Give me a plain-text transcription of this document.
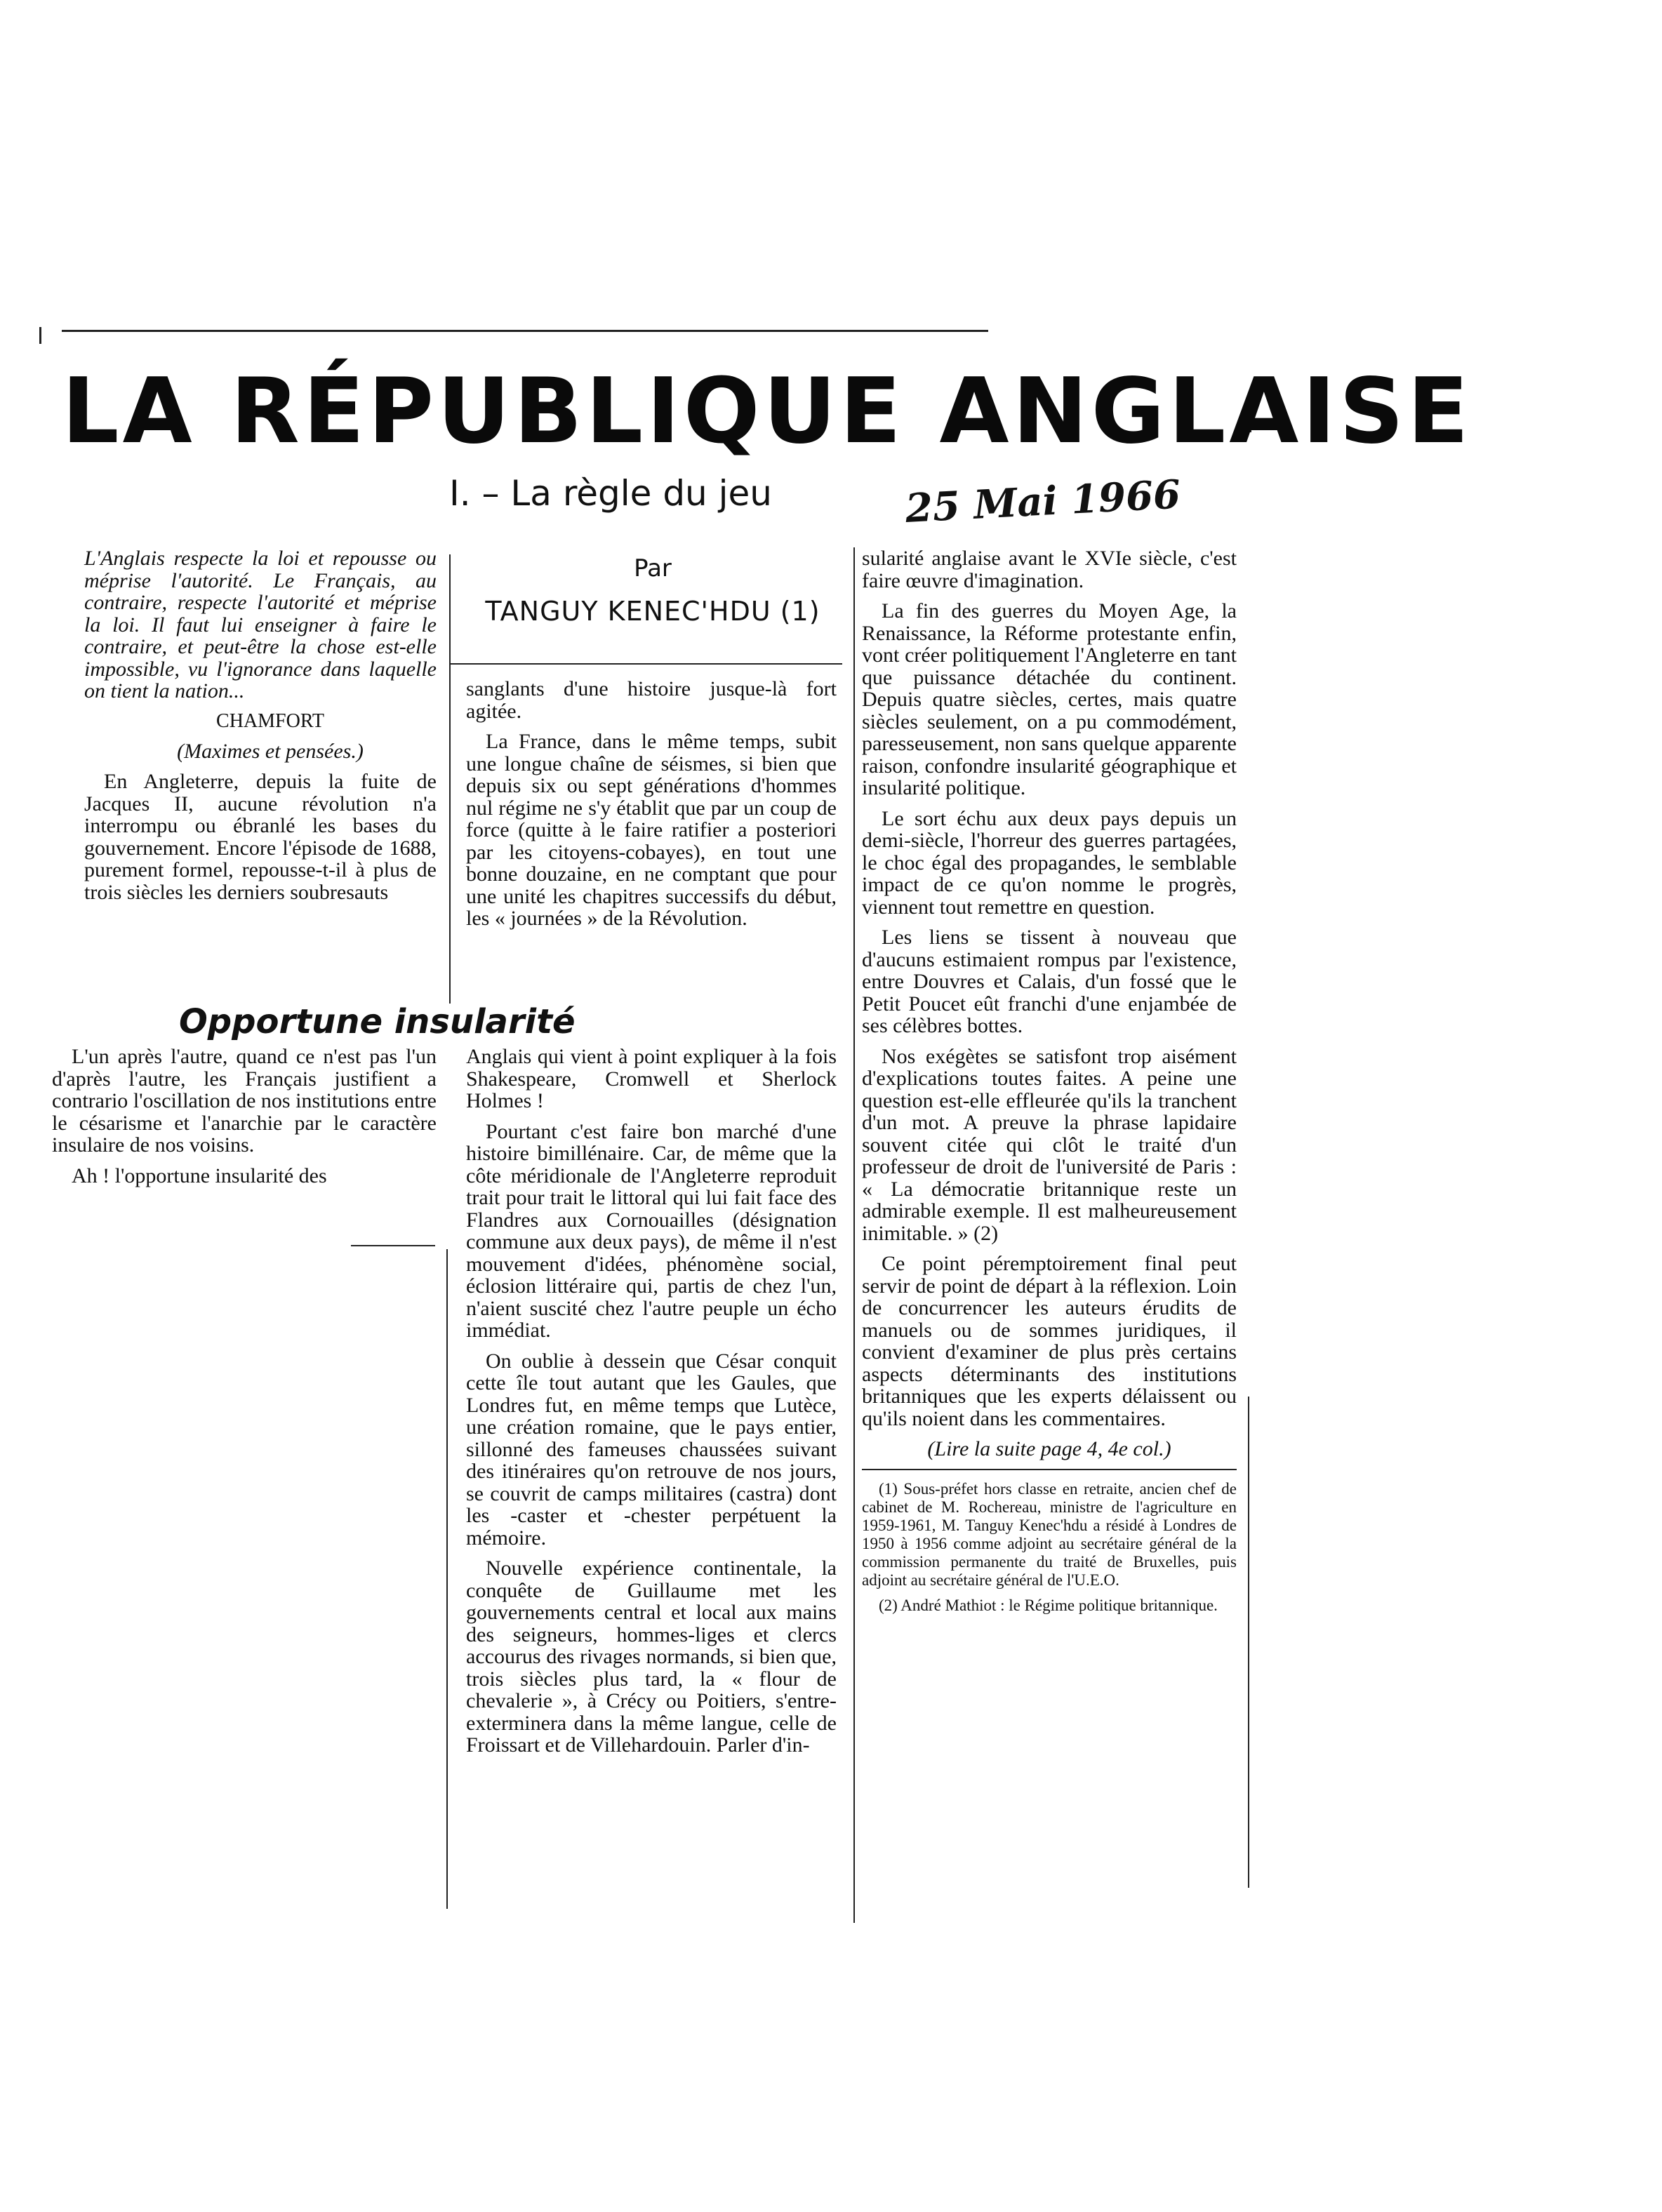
LA RÉPUBLIQUE ANGLAISE
I. – La règle du jeu	25 Mai 1966
Par
TANGUY KENEC'HDU (1)

L'Anglais respecte la loi et repousse ou méprise l'autorité. Le Français, au contraire, respecte l'autorité et méprise la loi. Il faut lui enseigner à faire le contraire, et peut-être la chose est-elle impossible, vu l'ignorance dans laquelle on tient la nation...

CHAMFORT

(Maximes et pensées.)

En Angleterre, depuis la fuite de Jacques II, aucune révolution n'a interrompu ou ébranlé les bases du gouvernement. Encore l'épisode de 1688, purement formel, repousse-t-il à plus de trois siècles les derniers soubresauts

sanglants d'une histoire jusque-là fort agitée.

La France, dans le même temps, subit une longue chaîne de séismes, si bien que depuis six ou sept générations d'hommes nul régime ne s'y établit que par un coup de force (quitte à le faire ratifier a posteriori par les citoyens-cobayes), en tout une bonne douzaine, en ne comptant que pour une unité les chapitres successifs du début, les « journées » de la Révolution.

Opportune insularité

L'un après l'autre, quand ce n'est pas l'un d'après l'autre, les Français justifient a contrario l'oscillation de nos institutions entre le césarisme et l'anarchie par le caractère insulaire de nos voisins.

Ah ! l'opportune insularité des

Anglais qui vient à point expliquer à la fois Shakespeare, Cromwell et Sherlock Holmes !

Pourtant c'est faire bon marché d'une histoire bimillénaire. Car, de même que la côte méridionale de l'Angleterre reproduit trait pour trait le littoral qui lui fait face des Flandres aux Cornouailles (désignation commune aux deux pays), de même il n'est mouvement d'idées, phénomène social, éclosion littéraire qui, partis de chez l'un, n'aient suscité chez l'autre peuple un écho immédiat.

On oublie à dessein que César conquit cette île tout autant que les Gaules, que Londres fut, en même temps que Lutèce, une création romaine, que le pays entier, sillonné des fameuses chaussées suivant des itinéraires qu'on retrouve de nos jours, se couvrit de camps militaires (castra) dont les -caster et -chester perpétuent la mémoire.

Nouvelle expérience continentale, la conquête de Guillaume met les gouvernements central et local aux mains des seigneurs, hommes-liges et clercs accourus des rivages normands, si bien que, trois siècles plus tard, la « flour de chevalerie », à Crécy ou Poitiers, s'entre-exterminera dans la même langue, celle de Froissart et de Villehardouin. Parler d'in-

sularité anglaise avant le XVIe siècle, c'est faire œuvre d'imagination.

La fin des guerres du Moyen Age, la Renaissance, la Réforme protestante enfin, vont créer politiquement l'Angleterre en tant que puissance détachée du continent. Depuis quatre siècles, certes, mais quatre siècles seulement, on a pu commodément, paresseusement, non sans quelque apparente raison, confondre insularité géographique et insularité politique.

Le sort échu aux deux pays depuis un demi-siècle, l'horreur des guerres partagées, le choc égal des propagandes, le semblable impact de ce qu'on nomme le progrès, viennent tout remettre en question.

Les liens se tissent à nouveau que d'aucuns estimaient rompus par l'existence, entre Douvres et Calais, d'un fossé que le Petit Poucet eût franchi d'une enjambée de ses célèbres bottes.

Nos exégètes se satisfont trop aisément d'explications toutes faites. A peine une question est-elle effleurée qu'ils la tranchent d'un mot. A preuve la phrase lapidaire souvent citée qui clôt le traité d'un professeur de droit de l'université de Paris : « La démocratie britannique reste un admirable exemple. Il est malheureusement inimitable. » (2)

Ce point péremptoirement final peut servir de point de départ à la réflexion. Loin de concurrencer les auteurs érudits de manuels ou de sommes juridiques, il convient d'examiner de plus près certains aspects déterminants des institutions britanniques que les experts délaissent ou qu'ils noient dans les commentaires.

(Lire la suite page 4, 4e col.)

(1) Sous-préfet hors classe en retraite, ancien chef de cabinet de M. Rochereau, ministre de l'agriculture en 1959-1961, M. Tanguy Kenec'hdu a résidé à Londres de 1950 à 1956 comme adjoint au secrétaire général de la commission permanente du traité de Bruxelles, puis adjoint au secrétaire général de l'U.E.O.

(2) André Mathiot : le Régime politique britannique.
